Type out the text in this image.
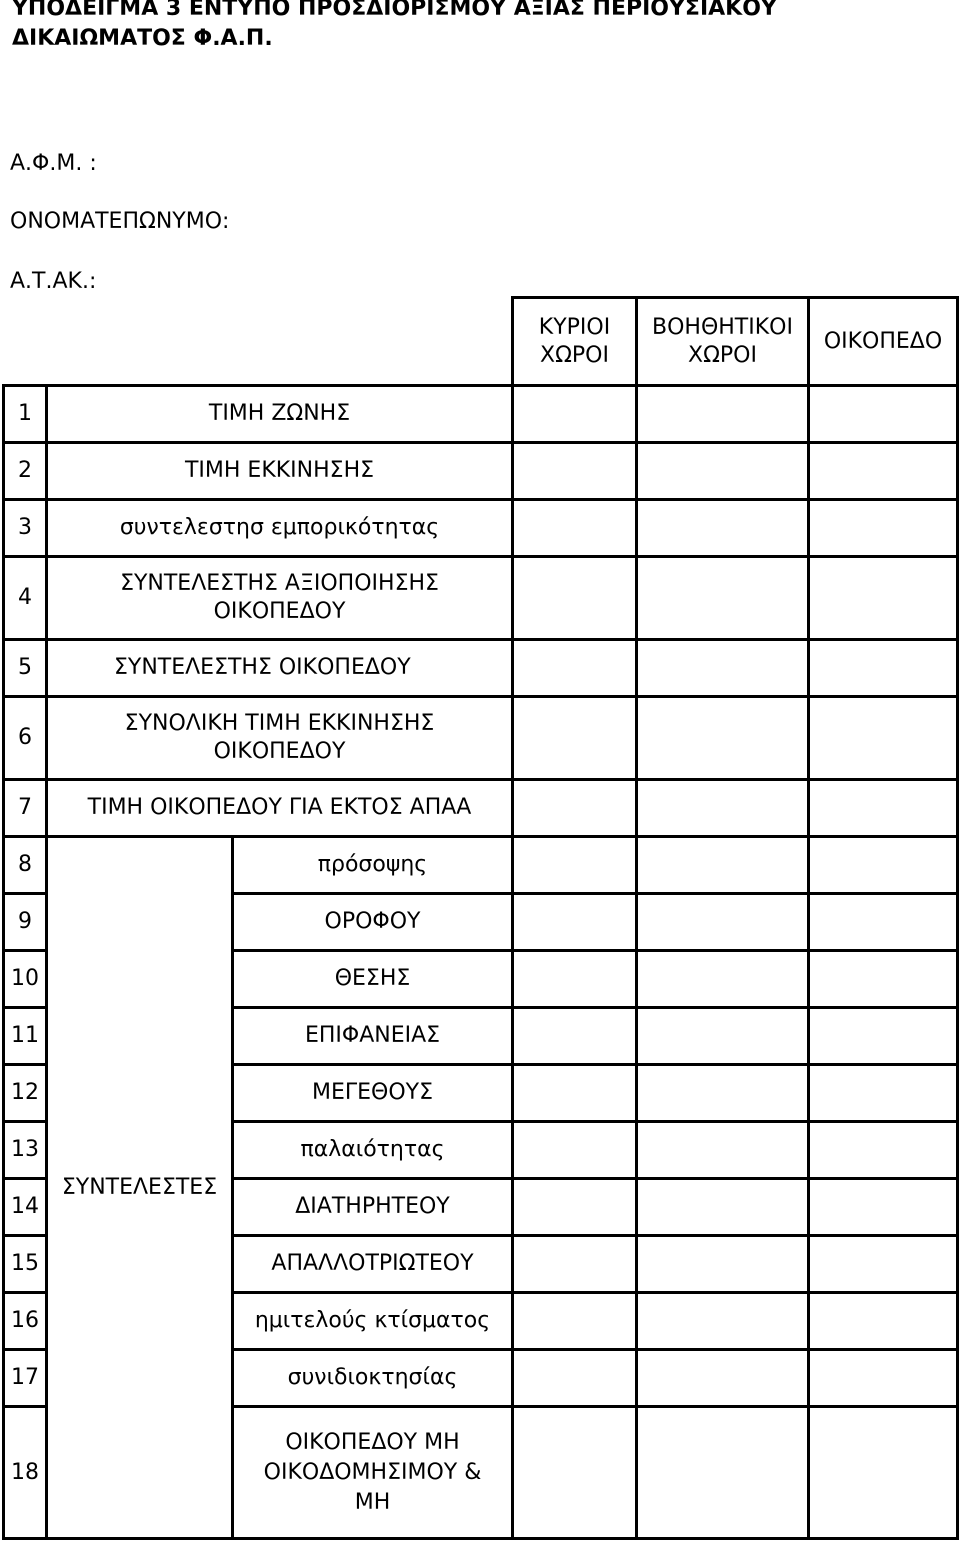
ΥΠΟΔΕΙΓΜΑ 3 ΕΝΤΥΠΟ ΠΡΟΣΔΙΟΡΙΣΜΟΥ ΑΞΙΑΣ ΠΕΡΙΟΥΣΙΑΚΟΥ
ΔΙΚΑΙΩΜΑΤΟΣ Φ.Α.Π.
Α.Φ.Μ. :
ΟΝΟΜΑΤΕΠΩΝΥΜΟ:
Α.Τ.ΑΚ.:
			ΚΥΡΙΟΙ ΧΩΡΟΙ	ΒΟΗΘΗΤΙΚΟΙ ΧΩΡΟΙ	ΟΙΚΟΠΕΔΟ
1	ΤΙΜΗ ΖΩΝΗΣ				
2	ΤΙΜΗ ΕΚΚΙΝΗΣΗΣ				
3	συντελεστησ εμπορικότητας				
4	ΣΥΝΤΕΛΕΣΤΗΣ ΑΞΙΟΠΟΙΗΣΗΣ ΟΙΚΟΠΕΔΟΥ				

5	ΣΥΝΤΕΛΕΣΤΗΣ ΟΙΚΟΠΕΔΟΥ				
6	ΣΥΝΟΛΙΚΗ ΤΙΜΗ ΕΚΚΙΝΗΣΗΣ ΟΙΚΟΠΕΔΟΥ				

7	ΤΙΜΗ ΟΙΚΟΠΕΔΟΥ ΓΙΑ ΕΚΤΟΣ ΑΠΑΑ				
8	ΣΥΝΤΕΛΕΣΤΕΣ	πρόσοψης			
9		ΟΡΟΦΟΥ			
10		ΘΕΣΗΣ			
11		ΕΠΙΦΑΝΕΙΑΣ			
12		ΜΕΓΕΘΟΥΣ			
13		παλαιότητας			
14		ΔΙΑΤΗΡΗΤΕΟΥ			
15		ΑΠΑΛΛΟΤΡΙΩΤΕΟΥ			
16		ημιτελούς κτίσματος			
17		συνιδιοκτησίας			
18		ΟΙΚΟΠΕΔΟΥ ΜΗ ΟΙΚΟΔΟΜΗΣΙΜΟΥ & ΜΗ			
